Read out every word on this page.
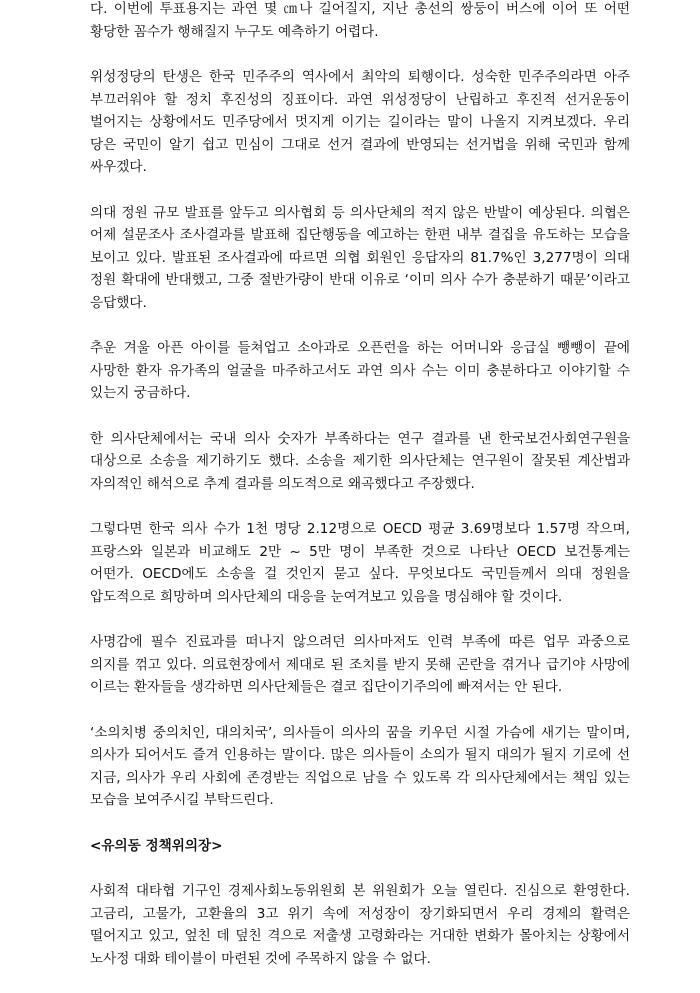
다. 이번에 투표용지는 과연 몇 ㎝나 길어질지, 지난 총선의 쌍둥이 버스에 이어 또 어떤 황당한 꼼수가 행해질지 누구도 예측하기 어렵다.

위성정당의 탄생은 한국 민주주의 역사에서 최악의 퇴행이다. 성숙한 민주주의라면 아주 부끄러워야 할 정치 후진성의 징표이다. 과연 위성정당이 난립하고 후진적 선거운동이 벌어지는 상황에서도 민주당에서 멋지게 이기는 길이라는 말이 나올지 지켜보겠다. 우리 당은 국민이 알기 쉽고 민심이 그대로 선거 결과에 반영되는 선거법을 위해 국민과 함께 싸우겠다.

의대 정원 규모 발표를 앞두고 의사협회 등 의사단체의 적지 않은 반발이 예상된다. 의협은 어제 설문조사 조사결과를 발표해 집단행동을 예고하는 한편 내부 결집을 유도하는 모습을 보이고 있다. 발표된 조사결과에 따르면 의협 회원인 응답자의 81.7%인 3,277명이 의대 정원 확대에 반대했고, 그중 절반가량이 반대 이유로 ‘이미 의사 수가 충분하기 때문’이라고 응답했다.

추운 겨울 아픈 아이를 들쳐업고 소아과로 오픈런을 하는 어머니와 응급실 뺑뺑이 끝에 사망한 환자 유가족의 얼굴을 마주하고서도 과연 의사 수는 이미 충분하다고 이야기할 수 있는지 궁금하다.

한 의사단체에서는 국내 의사 숫자가 부족하다는 연구 결과를 낸 한국보건사회연구원을 대상으로 소송을 제기하기도 했다. 소송을 제기한 의사단체는 연구원이 잘못된 계산법과 자의적인 해석으로 추계 결과를 의도적으로 왜곡했다고 주장했다.

그렇다면 한국 의사 수가 1천 명당 2.12명으로 OECD 평균 3.69명보다 1.57명 작으며, 프랑스와 일본과 비교해도 2만 ~ 5만 명이 부족한 것으로 나타난 OECD 보건통계는 어떤가. OECD에도 소송을 걸 것인지 묻고 싶다. 무엇보다도 국민들께서 의대 정원을 압도적으로 희망하며 의사단체의 대응을 눈여겨보고 있음을 명심해야 할 것이다.

사명감에 필수 진료과를 떠나지 않으려던 의사마저도 인력 부족에 따른 업무 과중으로 의지를 꺾고 있다. 의료현장에서 제대로 된 조치를 받지 못해 곤란을 겪거나 급기야 사망에 이르는 환자들을 생각하면 의사단체들은 결코 집단이기주의에 빠져서는 안 된다.

‘소의치병 중의치인, 대의치국’, 의사들이 의사의 꿈을 키우던 시절 가슴에 새기는 말이며, 의사가 되어서도 즐겨 인용하는 말이다. 많은 의사들이 소의가 될지 대의가 될지 기로에 선 지금, 의사가 우리 사회에 존경받는 직업으로 남을 수 있도록 각 의사단체에서는 책임 있는 모습을 보여주시길 부탁드린다.

<유의동 정책위의장>

사회적 대타협 기구인 경제사회노동위원회 본 위원회가 오늘 열린다. 진심으로 환영한다. 고금리, 고물가, 고환율의 3고 위기 속에 저성장이 장기화되면서 우리 경제의 활력은 떨어지고 있고, 엎친 데 덮친 격으로 저출생 고령화라는 거대한 변화가 몰아치는 상황에서 노사정 대화 테이블이 마련된 것에 주목하지 않을 수 없다.
